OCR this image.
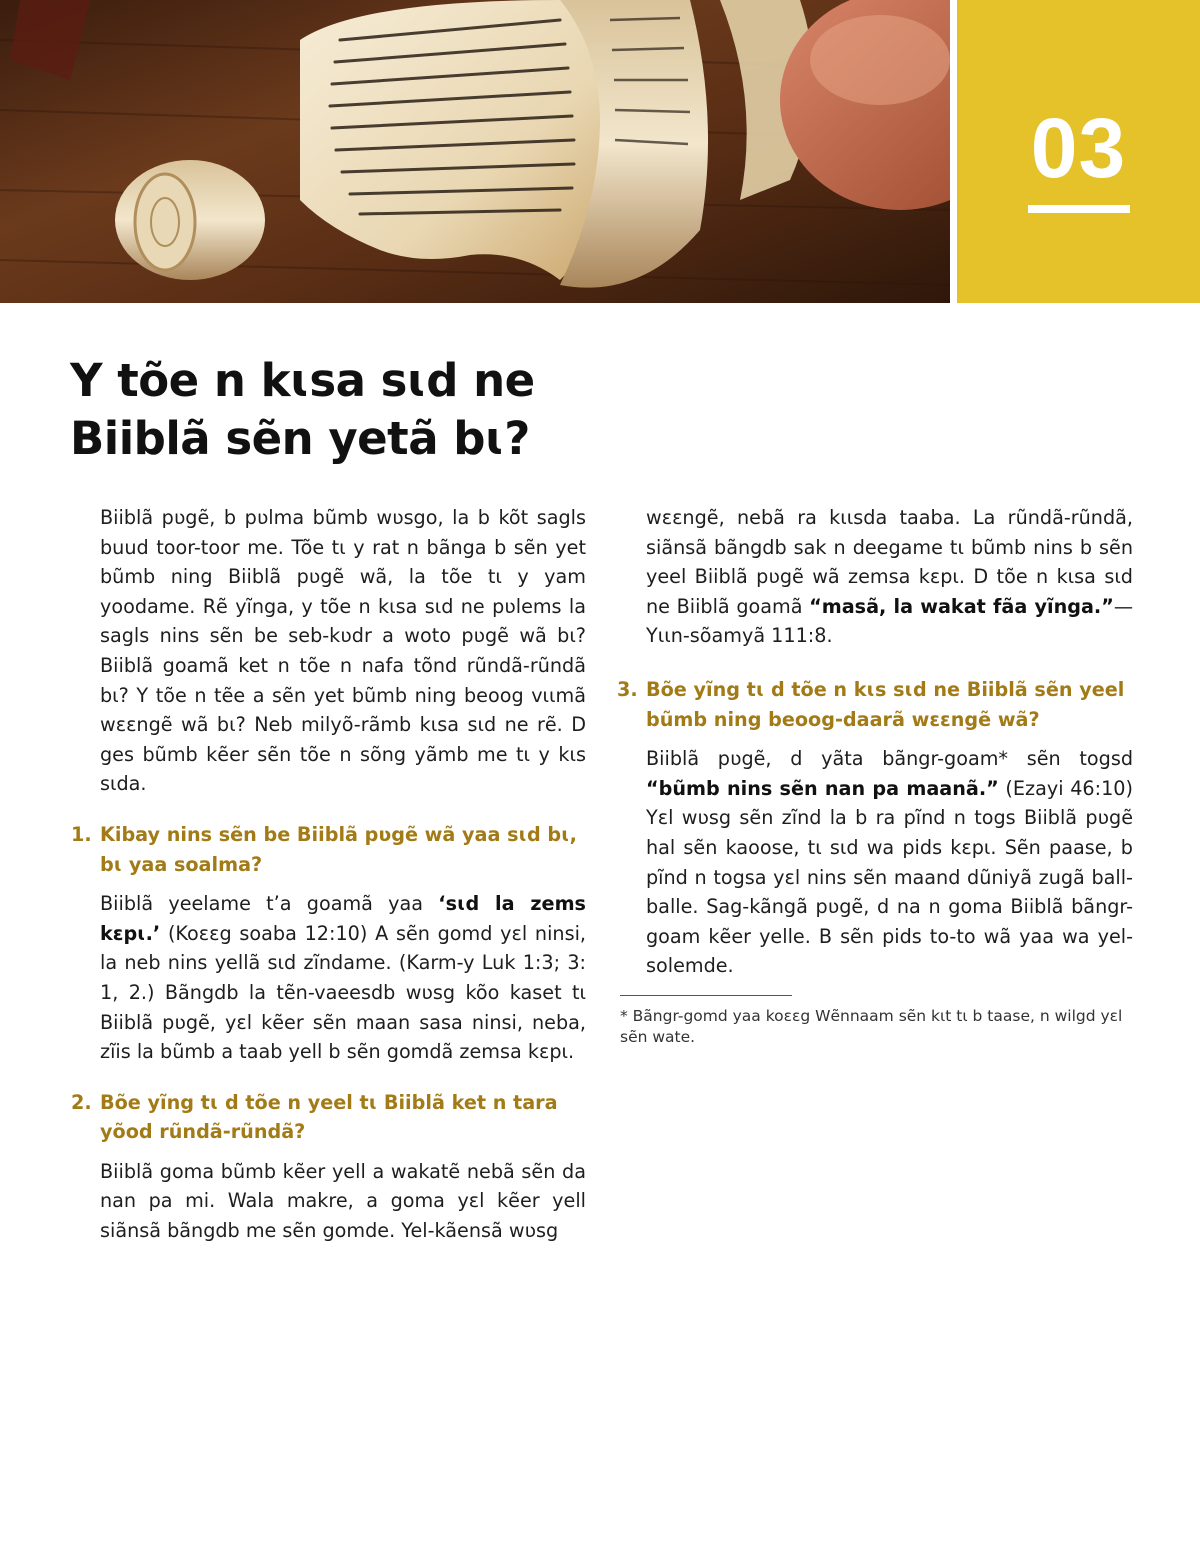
03
Y tõe n kɩsa sɩd ne
Biiblã sẽn yetã bɩ?

Biiblã pʋgẽ, b pʋlma bũmb wʋsgo, la b kõt sagls buud toor-toor me. Tõe tɩ y rat n bãnga b sẽn yet bũmb ning Biiblã pʋgẽ wã, la tõe tɩ y yam yoodame. Rẽ yĩnga, y tõe n kɩsa sɩd ne pʋlems la sagls nins sẽn be seb-kʋdr a woto pʋgẽ wã bɩ? Biiblã goamã ket n tõe n nafa tõnd rũndã-rũndã bɩ? Y tõe n tẽe a sẽn yet bũmb ning beoog vɩɩmã wɛɛngẽ wã bɩ? Neb milyõ-rãmb kɩsa sɩd ne rẽ. D ges bũmb kẽer sẽn tõe n sõng yãmb me tɩ y kɩs sɩda.

1. Kibay nins sẽn be Biiblã pʋgẽ wã yaa sɩd bɩ, bɩ yaa soalma?

Biiblã yeelame t’a goamã yaa ‘sɩd la zems kɛpɩ.’ (Koɛɛg soaba 12:10) A sẽn gomd yɛl ninsi, la neb nins yellã sɩd zĩndame. (Karm-y Luk 1:3; 3: 1, 2.) Bãngdb la tẽn-vaeesdb wʋsg kõo kaset tɩ Biiblã pʋgẽ, yɛl kẽer sẽn maan sasa ninsi, neba, zĩis la bũmb a taab yell b sẽn gomdã zemsa kɛpɩ.

2. Bõe yĩng tɩ d tõe n yeel tɩ Biiblã ket n tara yõod rũndã-rũndã?

Biiblã goma bũmb kẽer yell a wakatẽ nebã sẽn da nan pa mi. Wala makre, a goma yɛl kẽer yell siãnsã bãngdb me sẽn gomde. Yel-kãensã wʋsg

wɛɛngẽ, nebã ra kɩɩsda taaba. La rũndã-rũndã, siãnsã bãngdb sak n deegame tɩ bũmb nins b sẽn yeel Biiblã pʋgẽ wã zemsa kɛpɩ. D tõe n kɩsa sɩd ne Biiblã goamã “masã, la wakat fãa yĩnga.”—Yɩɩn-sõamyã 111:8.

3. Bõe yĩng tɩ d tõe n kɩs sɩd ne Biiblã sẽn yeel bũmb ning beoog-daarã wɛɛngẽ wã?

Biiblã pʋgẽ, d yãta bãngr-goam* sẽn togsd “bũmb nins sẽn nan pa maanã.” (Ezayi 46:10) Yɛl wʋsg sẽn zĩnd la b ra pĩnd n togs Biiblã pʋgẽ hal sẽn kaoose, tɩ sɩd wa pids kɛpɩ. Sẽn paase, b pĩnd n togsa yɛl nins sẽn maand dũniyã zugã ball-balle. Sag-kãngã pʋgẽ, d na n goma Biiblã bãngr-goam kẽer yelle. B sẽn pids to-to wã yaa wa yel-solemde.

* Bãngr-gomd yaa koɛɛg Wẽnnaam sẽn kɩt tɩ b taase, n wilgd yɛl sẽn wate.
